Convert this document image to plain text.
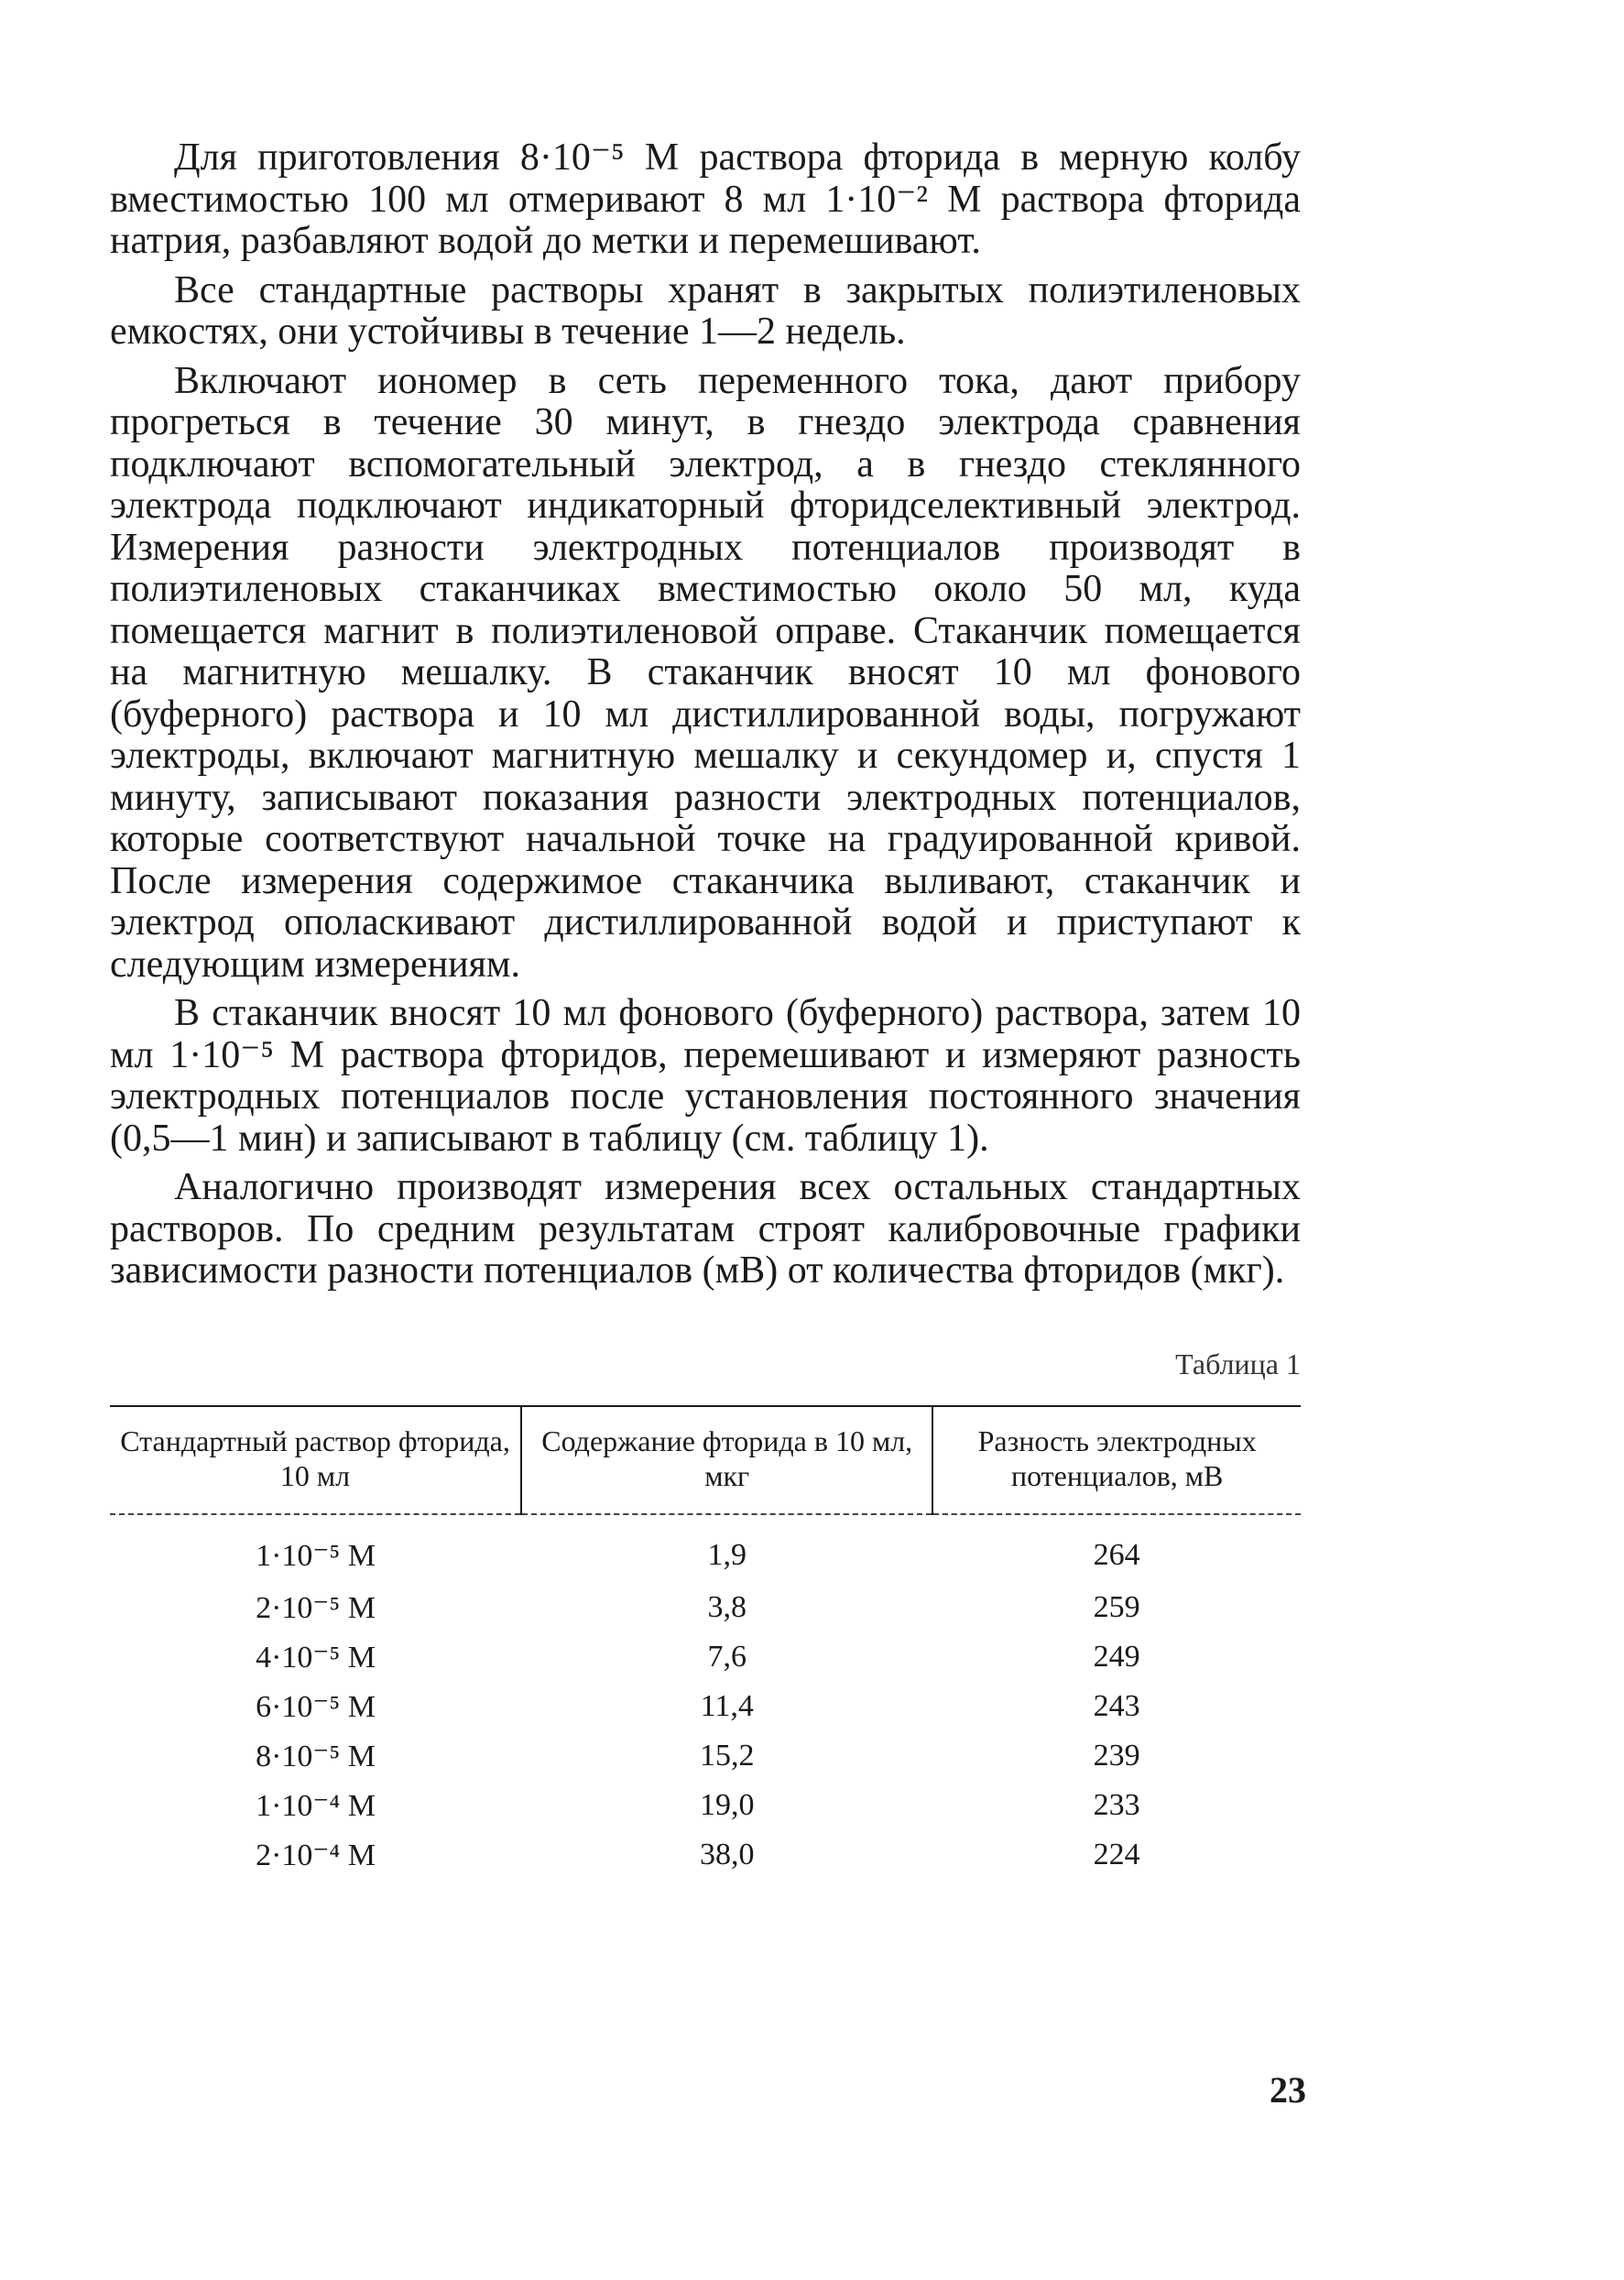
Для приготовления 8·10⁻⁵ М раствора фторида в мерную колбу вместимостью 100 мл отмеривают 8 мл 1·10⁻² М раствора фторида натрия, разбавляют водой до метки и перемешивают.

Все стандартные растворы хранят в закрытых полиэтиленовых емкостях, они устойчивы в течение 1—2 недель.

Включают иономер в сеть переменного тока, дают прибору прогреться в течение 30 минут, в гнездо электрода сравнения подключают вспомогательный электрод, а в гнездо стеклянного электрода подключают индикаторный фторидселективный электрод. Измерения разности электродных потенциалов производят в полиэтиленовых стаканчиках вместимостью около 50 мл, куда помещается магнит в полиэтиленовой оправе. Стаканчик помещается на магнитную мешалку. В стаканчик вносят 10 мл фонового (буферного) раствора и 10 мл дистиллированной воды, погружают электроды, включают магнитную мешалку и секундомер и, спустя 1 минуту, записывают показания разности электродных потенциалов, которые соответствуют начальной точке на градуированной кривой. После измерения содержимое стаканчика выливают, стаканчик и электрод ополаскивают дистиллированной водой и приступают к следующим измерениям.

В стаканчик вносят 10 мл фонового (буферного) раствора, затем 10 мл 1·10⁻⁵ М раствора фторидов, перемешивают и измеряют разность электродных потенциалов после установления постоянного значения (0,5—1 мин) и записывают в таблицу (см. таблицу 1).

Аналогично производят измерения всех остальных стандартных растворов. По средним результатам строят калибровочные графики зависимости разности потенциалов (мВ) от количества фторидов (мкг).

Таблица 1
Стандартный раствор фторида, 10 мл	Содержание фторида в 10 мл, мкг	Разность электродных потенциалов, мВ
1·10⁻⁵ М	1,9	264
2·10⁻⁵ М	3,8	259
4·10⁻⁵ М	7,6	249
6·10⁻⁵ М	11,4	243
8·10⁻⁵ М	15,2	239
1·10⁻⁴ М	19,0	233
2·10⁻⁴ М	38,0	224
23
